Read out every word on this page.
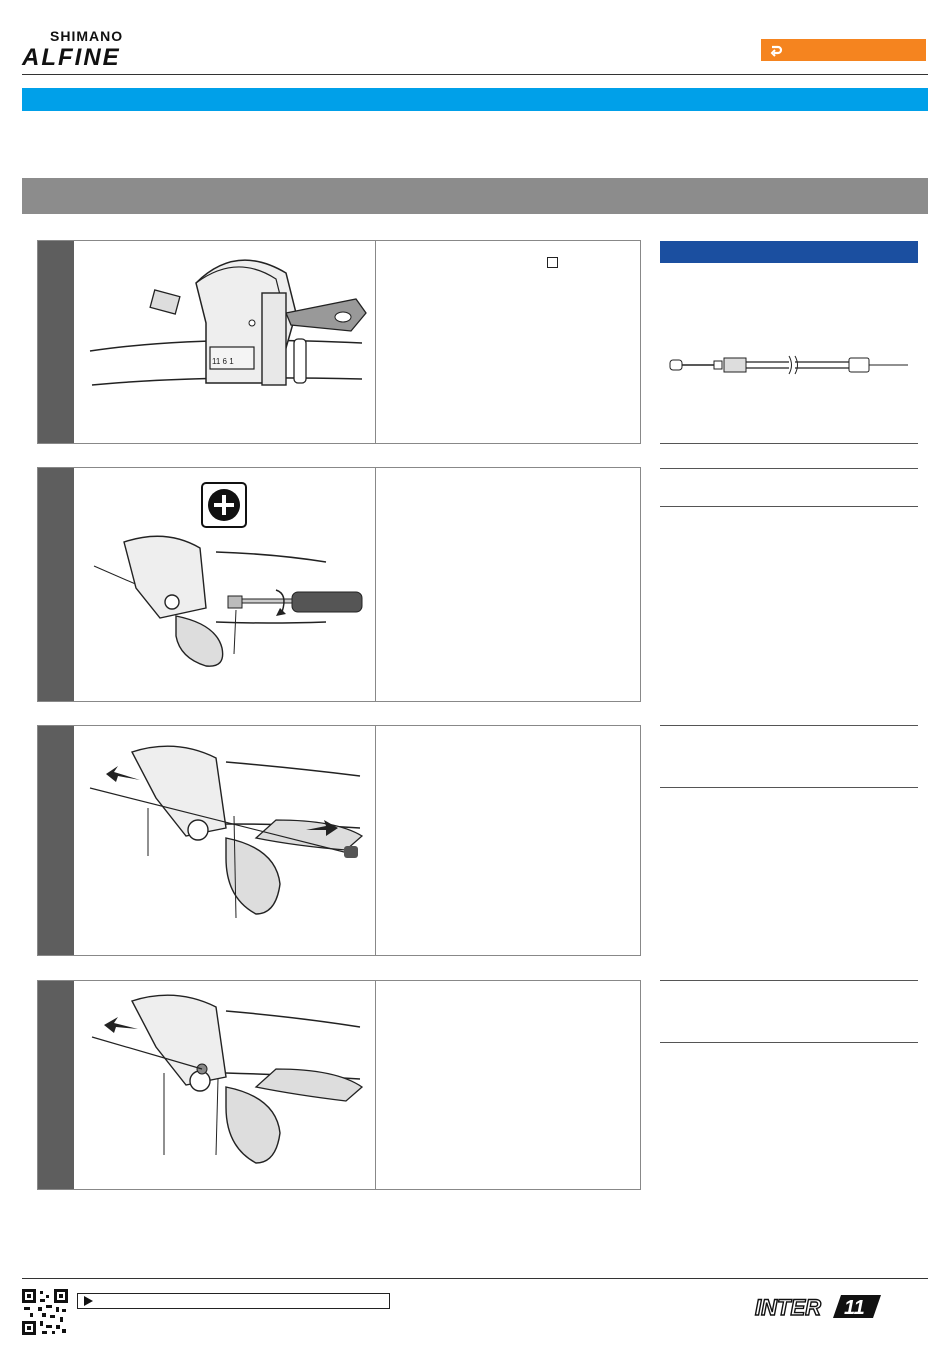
SHIMANO
ALFINE
11 6 1
INTER 11
